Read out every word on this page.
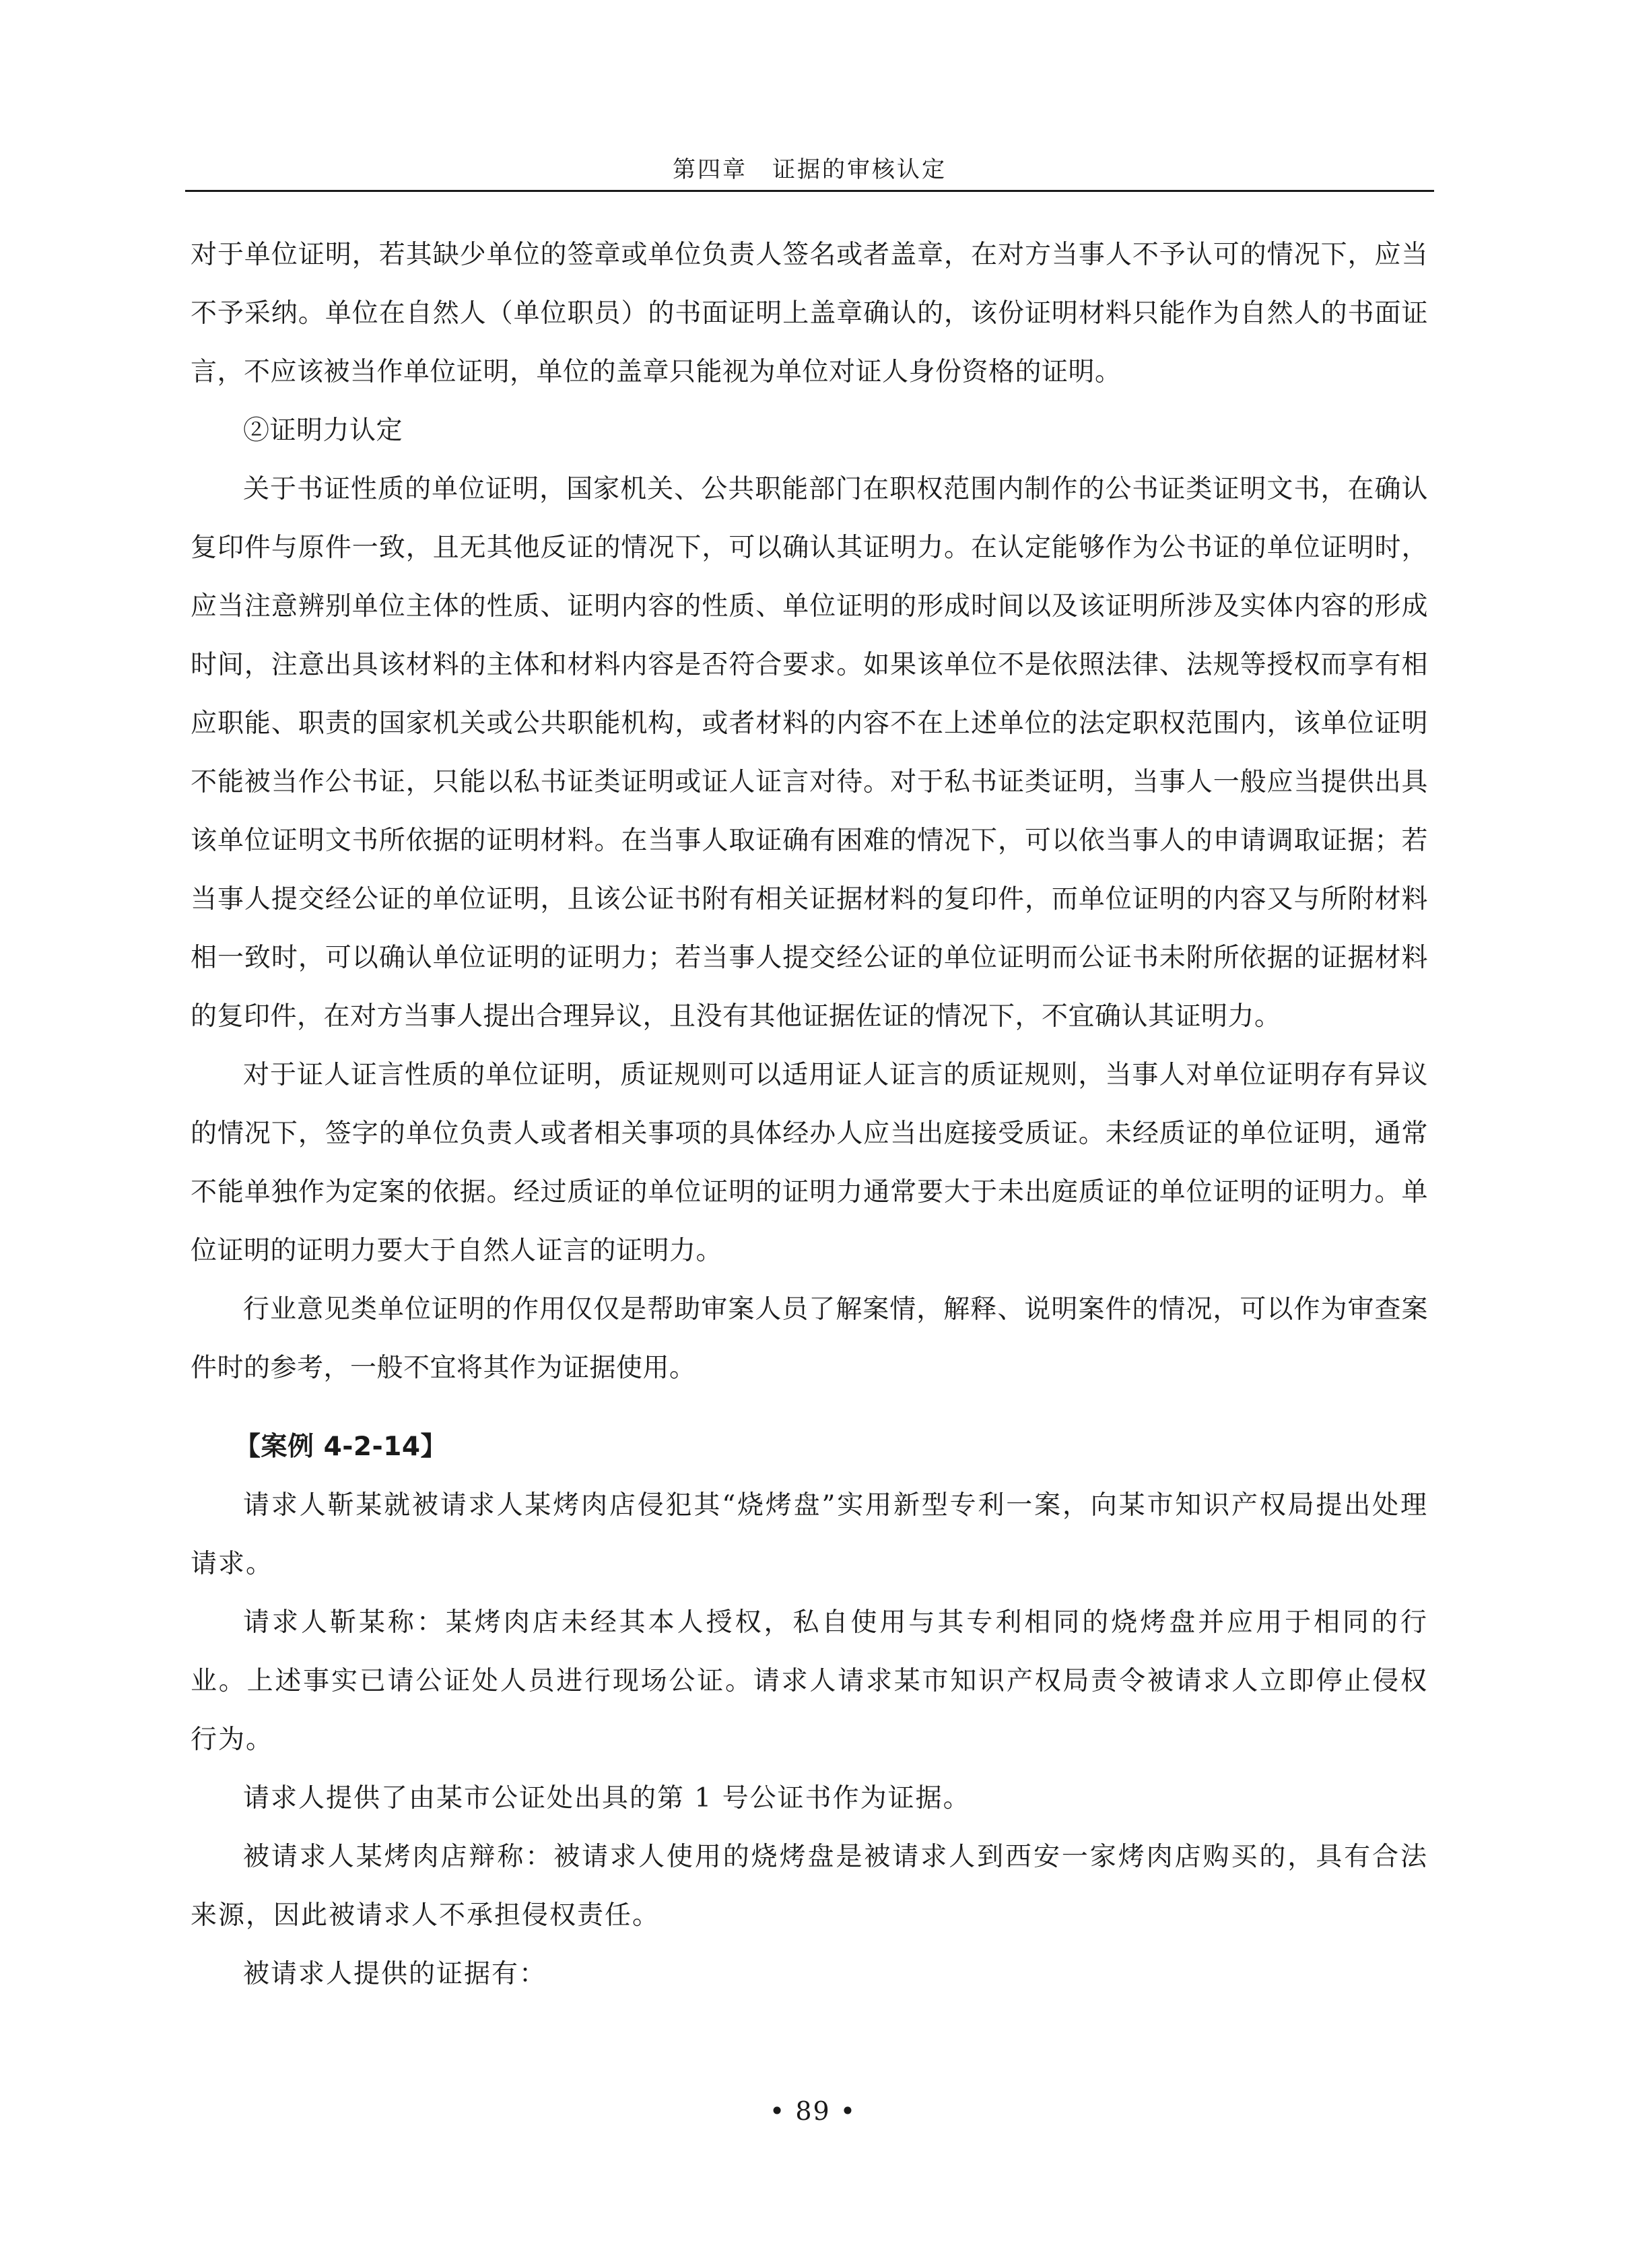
第四章　证据的审核认定

对于单位证明，若其缺少单位的签章或单位负责人签名或者盖章，在对方当事人不予认可的情况下，应当不予采纳。单位在自然人（单位职员）的书面证明上盖章确认的，该份证明材料只能作为自然人的书面证言，不应该被当作单位证明，单位的盖章只能视为单位对证人身份资格的证明。

②证明力认定

关于书证性质的单位证明，国家机关、公共职能部门在职权范围内制作的公书证类证明文书，在确认复印件与原件一致，且无其他反证的情况下，可以确认其证明力。在认定能够作为公书证的单位证明时，应当注意辨别单位主体的性质、证明内容的性质、单位证明的形成时间以及该证明所涉及实体内容的形成时间，注意出具该材料的主体和材料内容是否符合要求。如果该单位不是依照法律、法规等授权而享有相应职能、职责的国家机关或公共职能机构，或者材料的内容不在上述单位的法定职权范围内，该单位证明不能被当作公书证，只能以私书证类证明或证人证言对待。对于私书证类证明，当事人一般应当提供出具该单位证明文书所依据的证明材料。在当事人取证确有困难的情况下，可以依当事人的申请调取证据；若当事人提交经公证的单位证明，且该公证书附有相关证据材料的复印件，而单位证明的内容又与所附材料相一致时，可以确认单位证明的证明力；若当事人提交经公证的单位证明而公证书未附所依据的证据材料的复印件，在对方当事人提出合理异议，且没有其他证据佐证的情况下，不宜确认其证明力。

对于证人证言性质的单位证明，质证规则可以适用证人证言的质证规则，当事人对单位证明存有异议的情况下，签字的单位负责人或者相关事项的具体经办人应当出庭接受质证。未经质证的单位证明，通常不能单独作为定案的依据。经过质证的单位证明的证明力通常要大于未出庭质证的单位证明的证明力。单位证明的证明力要大于自然人证言的证明力。

行业意见类单位证明的作用仅仅是帮助审案人员了解案情，解释、说明案件的情况，可以作为审查案件时的参考，一般不宜将其作为证据使用。

【案例 4-2-14】

请求人靳某就被请求人某烤肉店侵犯其“烧烤盘”实用新型专利一案，向某市知识产权局提出处理请求。

请求人靳某称：某烤肉店未经其本人授权，私自使用与其专利相同的烧烤盘并应用于相同的行业。上述事实已请公证处人员进行现场公证。请求人请求某市知识产权局责令被请求人立即停止侵权行为。

请求人提供了由某市公证处出具的第 1 号公证书作为证据。

被请求人某烤肉店辩称：被请求人使用的烧烤盘是被请求人到西安一家烤肉店购买的，具有合法来源，因此被请求人不承担侵权责任。

被请求人提供的证据有：

• 89 •
